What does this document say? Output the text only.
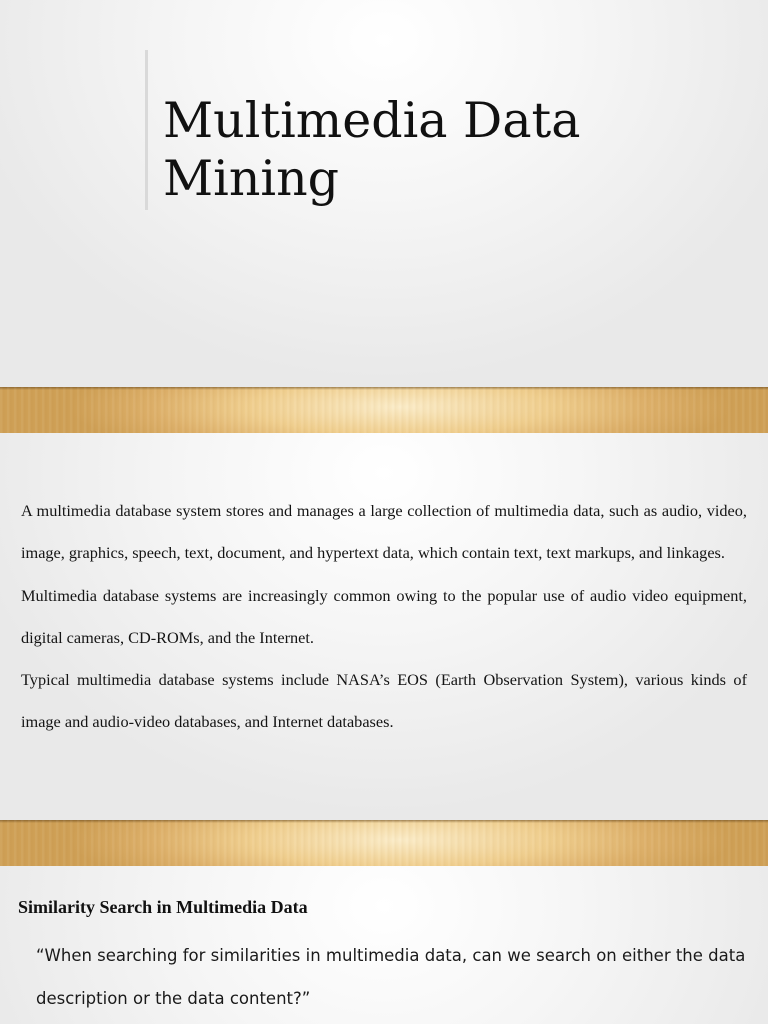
Multimedia Data
Mining

A multimedia database system stores and manages a large collection of multimedia data, such as audio, video, image, graphics, speech, text, document, and hypertext data, which contain text, text markups, and linkages.

Multimedia database systems are increasingly common owing to the popular use of audio video equipment, digital cameras, CD-ROMs, and the Internet.

Typical multimedia database systems include NASA’s EOS (Earth Observation System), various kinds of image and audio-video databases, and Internet databases.

Similarity Search in Multimedia Data

“When searching for similarities in multimedia data, can we search on either the data description or the data content?”
